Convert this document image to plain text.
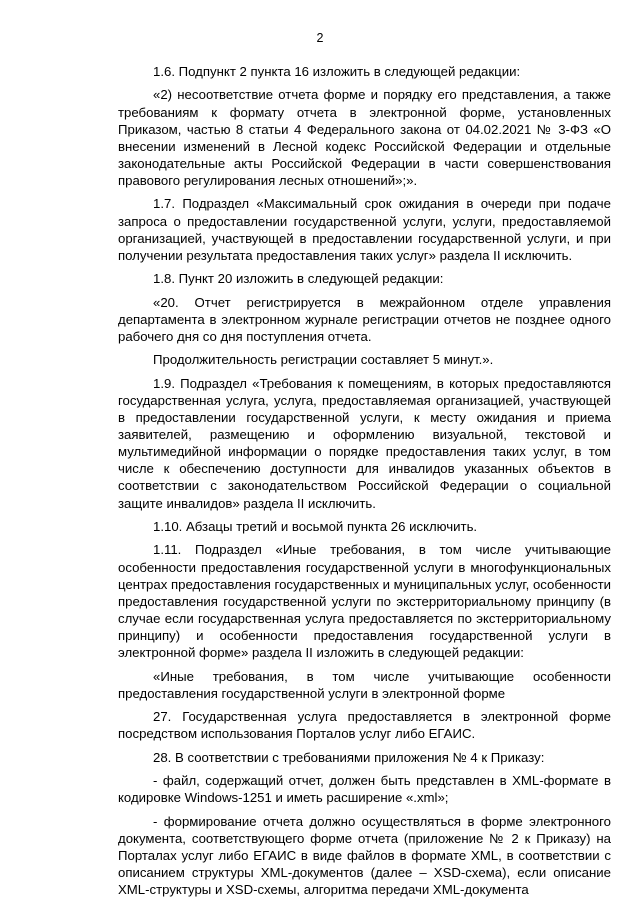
2

1.6. Подпункт 2 пункта 16 изложить в следующей редакции:

«2) несоответствие отчета форме и порядку его представления, а также требованиям к формату отчета в электронной форме, установленных Приказом, частью 8 статьи 4 Федерального закона от 04.02.2021 № 3-ФЗ «О внесении изменений в Лесной кодекс Российской Федерации и отдельные законодательные акты Российской Федерации в части совершенствования правового регулирования лесных отношений»;».

1.7. Подраздел «Максимальный срок ожидания в очереди при подаче запроса о предоставлении государственной услуги, услуги, предоставляемой организацией, участвующей в предоставлении государственной услуги, и при получении результата предоставления таких услуг» раздела II исключить.

1.8. Пункт 20 изложить в следующей редакции:

«20. Отчет регистрируется в межрайонном отделе управления департамента в электронном журнале регистрации отчетов не позднее одного рабочего дня со дня поступления отчета.

Продолжительность регистрации составляет 5 минут.».

1.9. Подраздел «Требования к помещениям, в которых предоставляются государственная услуга, услуга, предоставляемая организацией, участвующей в предоставлении государственной услуги, к месту ожидания и приема заявителей, размещению и оформлению визуальной, текстовой и мультимедийной информации о порядке предоставления таких услуг, в том числе к обеспечению доступности для инвалидов указанных объектов в соответствии с законодательством Российской Федерации о социальной защите инвалидов» раздела II исключить.

1.10. Абзацы третий и восьмой пункта 26 исключить.

1.11. Подраздел «Иные требования, в том числе учитывающие особенности предоставления государственной услуги в многофункциональных центрах предоставления государственных и муниципальных услуг, особенности предоставления государственной услуги по экстерриториальному принципу (в случае если государственная услуга предоставляется по экстерриториальному принципу) и особенности предоставления государственной услуги в электронной форме» раздела II изложить в следующей редакции:

«Иные требования, в том числе учитывающие особенности предоставления государственной услуги в электронной форме

27. Государственная услуга предоставляется в электронной форме посредством использования Порталов услуг либо ЕГАИС.

28. В соответствии с требованиями приложения № 4 к Приказу:

- файл, содержащий отчет, должен быть представлен в XML-формате в кодировке Windows-1251 и иметь расширение «.xml»;

- формирование отчета должно осуществляться в форме электронного документа, соответствующего форме отчета (приложение № 2 к Приказу) на Порталах услуг либо ЕГАИС в виде файлов в формате XML, в соответствии с описанием структуры XML-документов (далее – XSD-схема), если описание XML-структуры и XSD-схемы, алгоритма передачи XML-документа
